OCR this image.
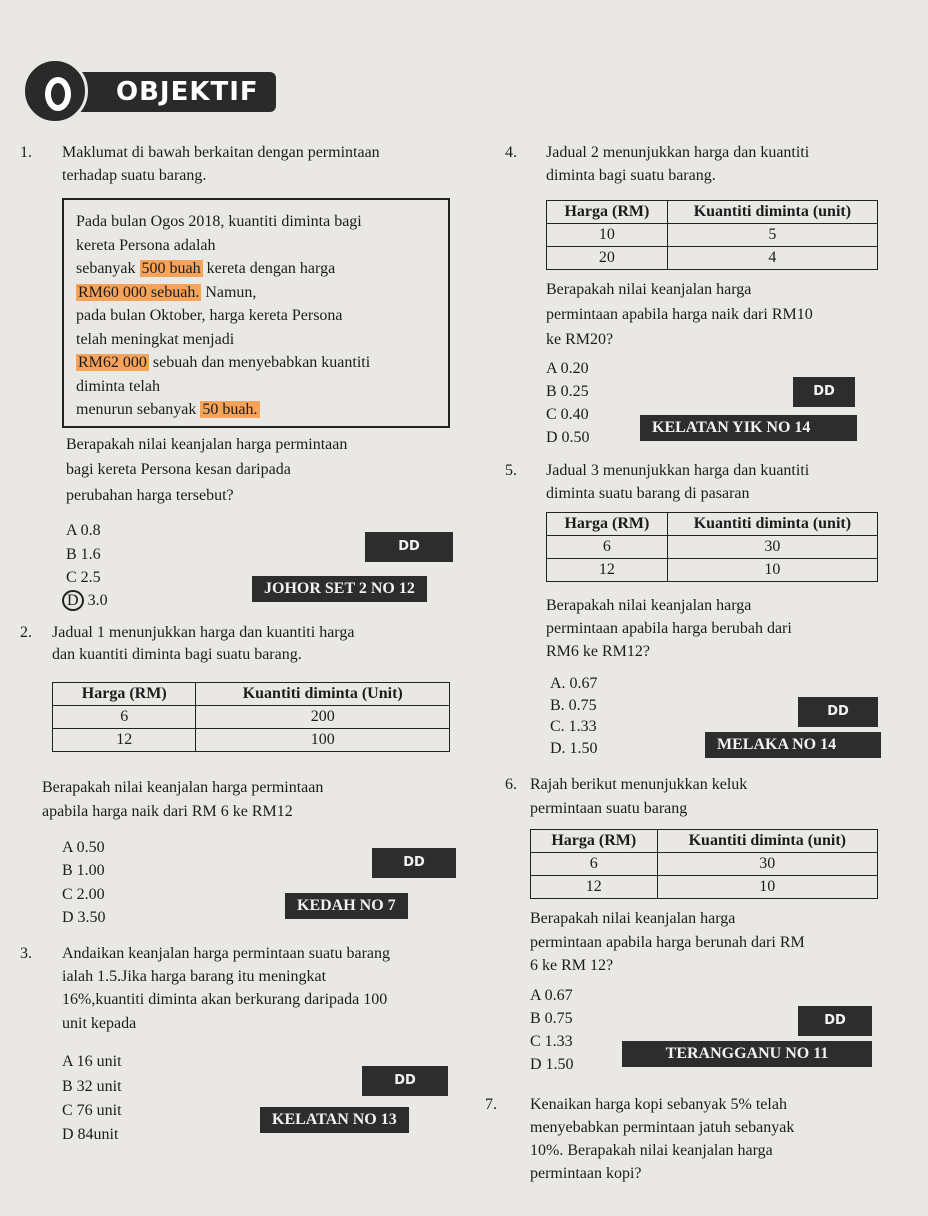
OBJEKTIF
1. Maklumat di bawah berkaitan dengan permintaan
terhadap suatu barang.
Pada bulan Ogos 2018, kuantiti diminta bagi
kereta Persona adalah
sebanyak 500 buah kereta dengan harga
RM60 000 sebuah. Namun,
pada bulan Oktober, harga kereta Persona
telah meningkat menjadi
RM62 000 sebuah dan menyebabkan kuantiti
diminta telah
menurun sebanyak 50 buah.
Berapakah nilai keanjalan harga permintaan
bagi kereta Persona kesan daripada
perubahan harga tersebut?
A 0.8
B 1.6
C 2.5
D 3.0
DD
JOHOR SET 2 NO 12
2. Jadual 1 menunjukkan harga dan kuantiti harga
dan kuantiti diminta bagi suatu barang.
Harga (RM)	Kuantiti diminta (Unit)
6	200
12	100
Berapakah nilai keanjalan harga permintaan
apabila harga naik dari RM 6 ke RM12
A 0.50
B 1.00
C 2.00
D 3.50
DD
KEDAH NO 7
3. Andaikan keanjalan harga permintaan suatu barang
ialah 1.5.Jika harga barang itu meningkat
16%,kuantiti diminta akan berkurang daripada 100
unit kepada
A 16 unit
B 32 unit
C 76 unit
D 84unit
DD
KELATAN NO 13
4. Jadual 2 menunjukkan harga dan kuantiti
diminta bagi suatu barang.
Harga (RM)	Kuantiti diminta (unit)
10	5
20	4
Berapakah nilai keanjalan harga
permintaan apabila harga naik dari RM10
ke RM20?
A 0.20
B 0.25
C 0.40
D 0.50
DD
KELATAN YIK NO 14
5. Jadual 3 menunjukkan harga dan kuantiti
diminta suatu barang di pasaran
Harga (RM)	Kuantiti diminta (unit)
6	30
12	10
Berapakah nilai keanjalan harga
permintaan apabila harga berubah dari
RM6 ke RM12?
A. 0.67
B. 0.75
C. 1.33
D. 1.50
DD
MELAKA NO 14
6. Rajah berikut menunjukkan keluk
permintaan suatu barang
Harga (RM)	Kuantiti diminta (unit)
6	30
12	10
Berapakah nilai keanjalan harga
permintaan apabila harga berunah dari RM
6 ke RM 12?
A 0.67
B 0.75
C 1.33
D 1.50
DD
TERANGGANU NO 11
7. Kenaikan harga kopi sebanyak 5% telah
menyebabkan permintaan jatuh sebanyak
10%. Berapakah nilai keanjalan harga
permintaan kopi?
